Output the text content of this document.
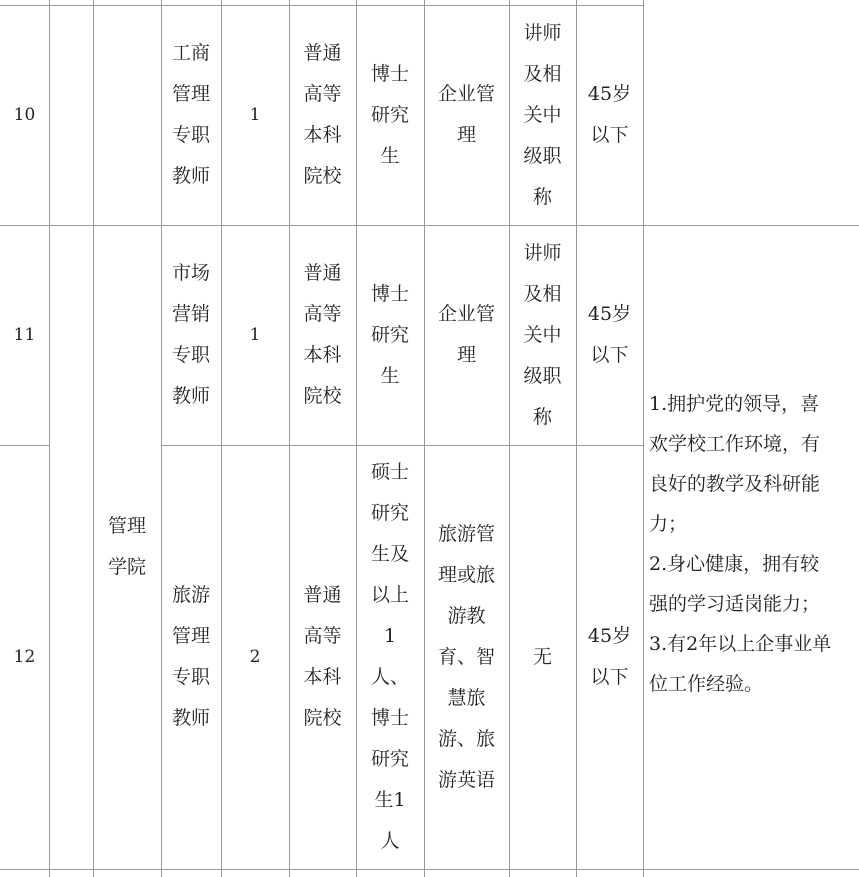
10
工商
管理
专职
教师
1
普通
高等
本科
院校
博士
研究
生
企业管
理
讲师
及相
关中
级职
称
45岁
以下
11
市场
营销
专职
教师
1
普通
高等
本科
院校
博士
研究
生
企业管
理
讲师
及相
关中
级职
称
45岁
以下
12
旅游
管理
专职
教师
2
普通
高等
本科
院校
硕士
研究
生及
以上
1
人、
博士
研究
生1
人
旅游管
理或旅
游教
育、智
慧旅
游、旅
游英语
无
45岁
以下
管理
学院
1.拥护党的领导，喜
欢学校工作环境，有
良好的教学及科研能
力；
2.身心健康，拥有较
强的学习适岗能力；
3.有2年以上企事业单
位工作经验。
